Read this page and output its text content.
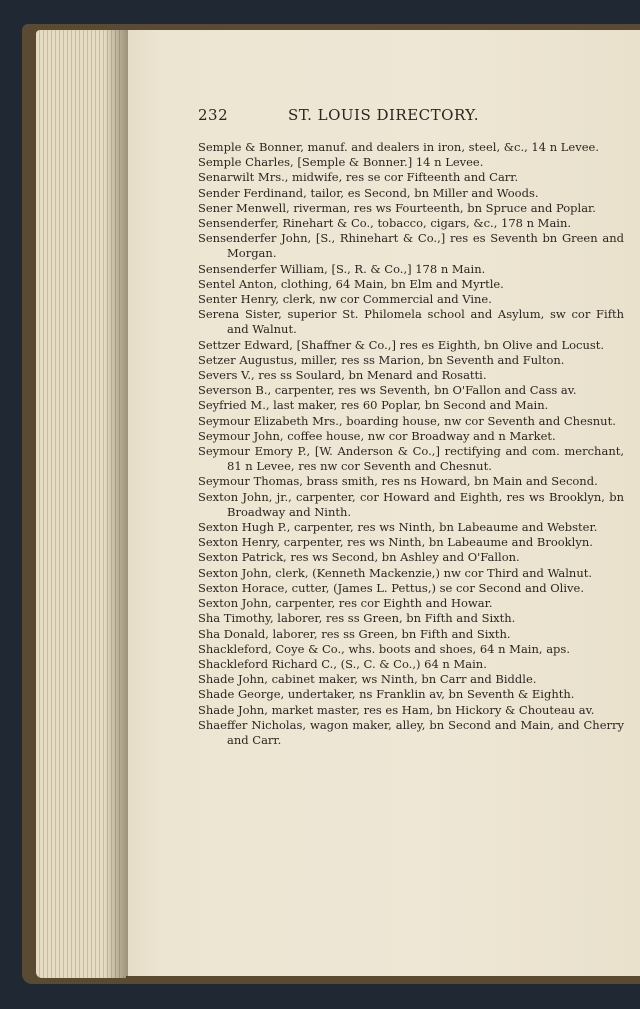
232	ST. LOUIS DIRECTORY.
Semple & Bonner, manuf. and dealers in iron, steel, &c., 14 n Levee.
Semple Charles, [Semple & Bonner.] 14 n Levee.
Senarwilt Mrs., midwife, res se cor Fifteenth and Carr.
Sender Ferdinand, tailor, es Second, bn Miller and Woods.
Sener Menwell, riverman, res ws Fourteenth, bn Spruce and Poplar.
Sensenderfer, Rinehart & Co., tobacco, cigars, &c., 178 n Main.
Sensenderfer John, [S., Rhinehart & Co.,] res es Seventh bn Green and Morgan.
Sensenderfer William, [S., R. & Co.,] 178 n Main.
Sentel Anton, clothing, 64 Main, bn Elm and Myrtle.
Senter Henry, clerk, nw cor Commercial and Vine.
Serena Sister, superior St. Philomela school and Asylum, sw cor Fifth and Walnut.
Settzer Edward, [Shaffner & Co.,] res es Eighth, bn Olive and Locust.
Setzer Augustus, miller, res ss Marion, bn Seventh and Fulton.
Severs V., res ss Soulard, bn Menard and Rosatti.
Severson B., carpenter, res ws Seventh, bn O'Fallon and Cass av.
Seyfried M., last maker, res 60 Poplar, bn Second and Main.
Seymour Elizabeth Mrs., boarding house, nw cor Seventh and Chesnut.
Seymour John, coffee house, nw cor Broadway and n Market.
Seymour Emory P., [W. Anderson & Co.,] rectifying and com. merchant, 81 n Levee, res nw cor Seventh and Chesnut.
Seymour Thomas, brass smith, res ns Howard, bn Main and Second.
Sexton John, jr., carpenter, cor Howard and Eighth, res ws Brooklyn, bn Broadway and Ninth.
Sexton Hugh P., carpenter, res ws Ninth, bn Labeaume and Webster.
Sexton Henry, carpenter, res ws Ninth, bn Labeaume and Brooklyn.
Sexton Patrick, res ws Second, bn Ashley and O'Fallon.
Sexton John, clerk, (Kenneth Mackenzie,) nw cor Third and Walnut.
Sexton Horace, cutter, (James L. Pettus,) se cor Second and Olive.
Sexton John, carpenter, res cor Eighth and Howar.
Sha Timothy, laborer, res ss Green, bn Fifth and Sixth.
Sha Donald, laborer, res ss Green, bn Fifth and Sixth.
Shackleford, Coye & Co., whs. boots and shoes, 64 n Main, aps.
Shackleford Richard C., (S., C. & Co.,) 64 n Main.
Shade John, cabinet maker, ws Ninth, bn Carr and Biddle.
Shade George, undertaker, ns Franklin av, bn Seventh & Eighth.
Shade John, market master, res es Ham, bn Hickory & Chouteau av.
Shaeffer Nicholas, wagon maker, alley, bn Second and Main, and Cherry and Carr.
